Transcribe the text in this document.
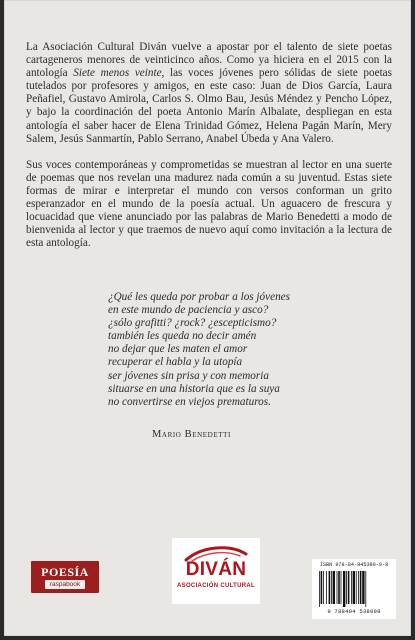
La Asociación Cultural Diván vuelve a apostar por el talento de siete poetas cartageneros menores de veinticinco años. Como ya hiciera en el 2015 con la antología Siete menos veinte, las voces jóvenes pero sólidas de siete poetas tutelados por profesores y amigos, en este caso: Juan de Dios García, Laura Peñafiel, Gustavo Amirola, Carlos S. Olmo Bau, Jesús Méndez y Pencho López, y bajo la coordinación del poeta Antonio Marín Albalate, despliegan en esta antología el saber hacer de Elena Trinidad Gómez, Helena Pagán Marín, Mery Salem, Jesús Sanmartín, Pablo Serrano, Anabel Úbeda y Ana Valero.

Sus voces contemporáneas y comprometidas se muestran al lector en una suerte de poemas que nos revelan una madurez nada común a su juventud. Estas siete formas de mirar e interpretar el mundo con versos conforman un grito esperanzador en el mundo de la poesía actual. Un aguacero de frescura y locuacidad que viene anunciado por las palabras de Mario Benedetti a modo de bienvenida al lector y que traemos de nuevo aquí como invitación a la lectura de esta antología.

¿Qué les queda por probar a los jóvenes
en este mundo de paciencia y asco?
¿sólo grafitti? ¿rock? ¿escepticismo?
también les queda no decir amén
no dejar que les maten el amor
recuperar el habla y la utopía
ser jóvenes sin prisa y con memoria
situarse en una historia que es la suya
no convertirse en viejos prematuros.
Mario Benedetti
POESÍA
raspabook
DIVÁN
ASOCIACIÓN CULTURAL
ISBN 978-84-945380-9-8
9 788494 538098
